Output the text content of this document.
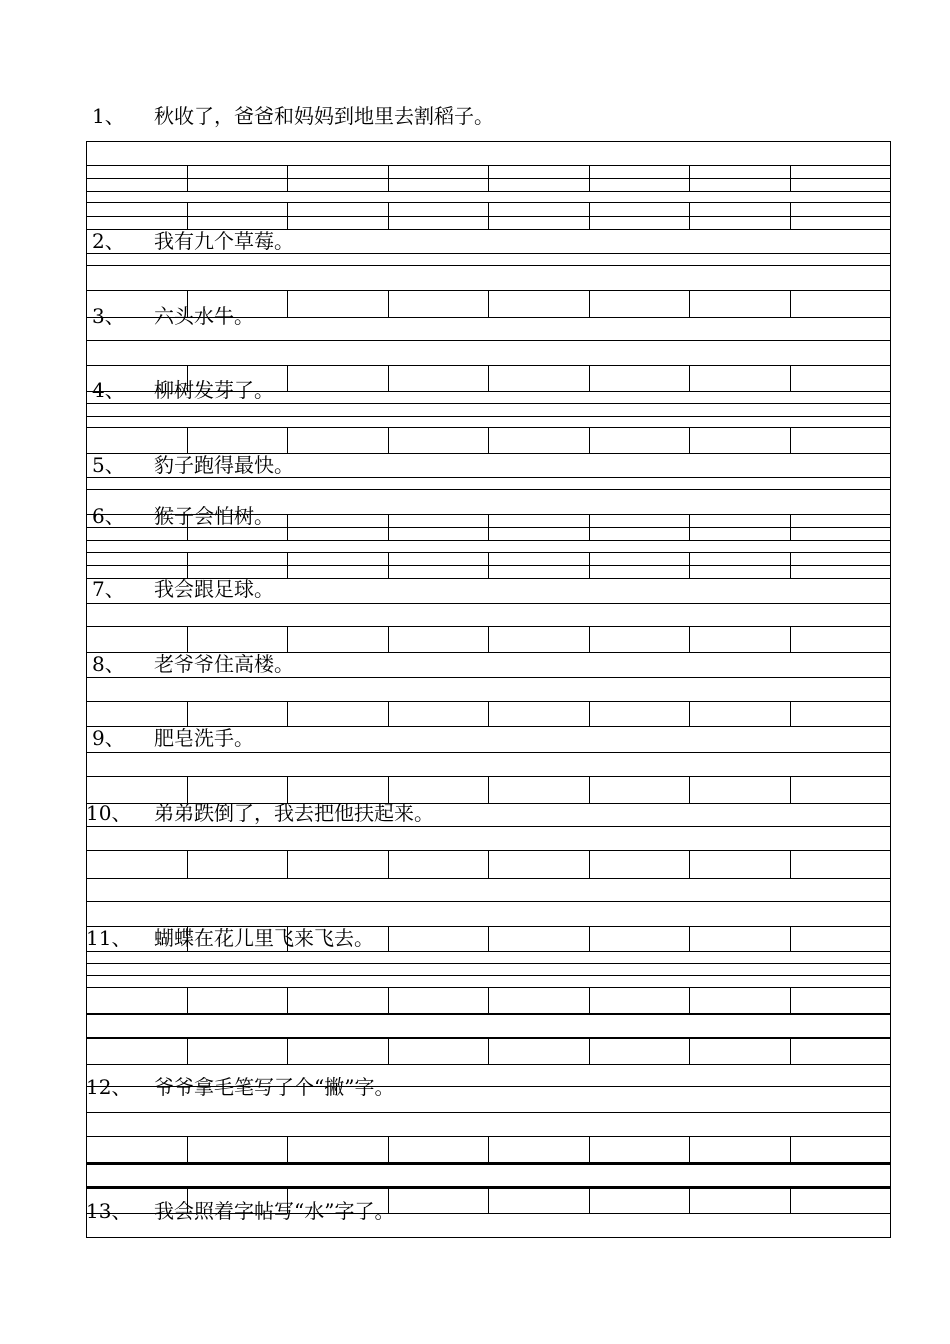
1、 秋收了，爸爸和妈妈到地里去割稻子。
2、 我有九个草莓。
3、 六头水牛。
4、 柳树发芽了。
5、 豹子跑得最快。
6、 猴子会怕树。
7、 我会跟足球。
8、 老爷爷住高楼。
9、 肥皂洗手。
10、 弟弟跌倒了，我去把他扶起来。
11、 蝴蝶在花儿里飞来飞去。
12、 爷爷拿毛笔写了个“撇”字。
13、 我会照着字帖写“水”字了。
